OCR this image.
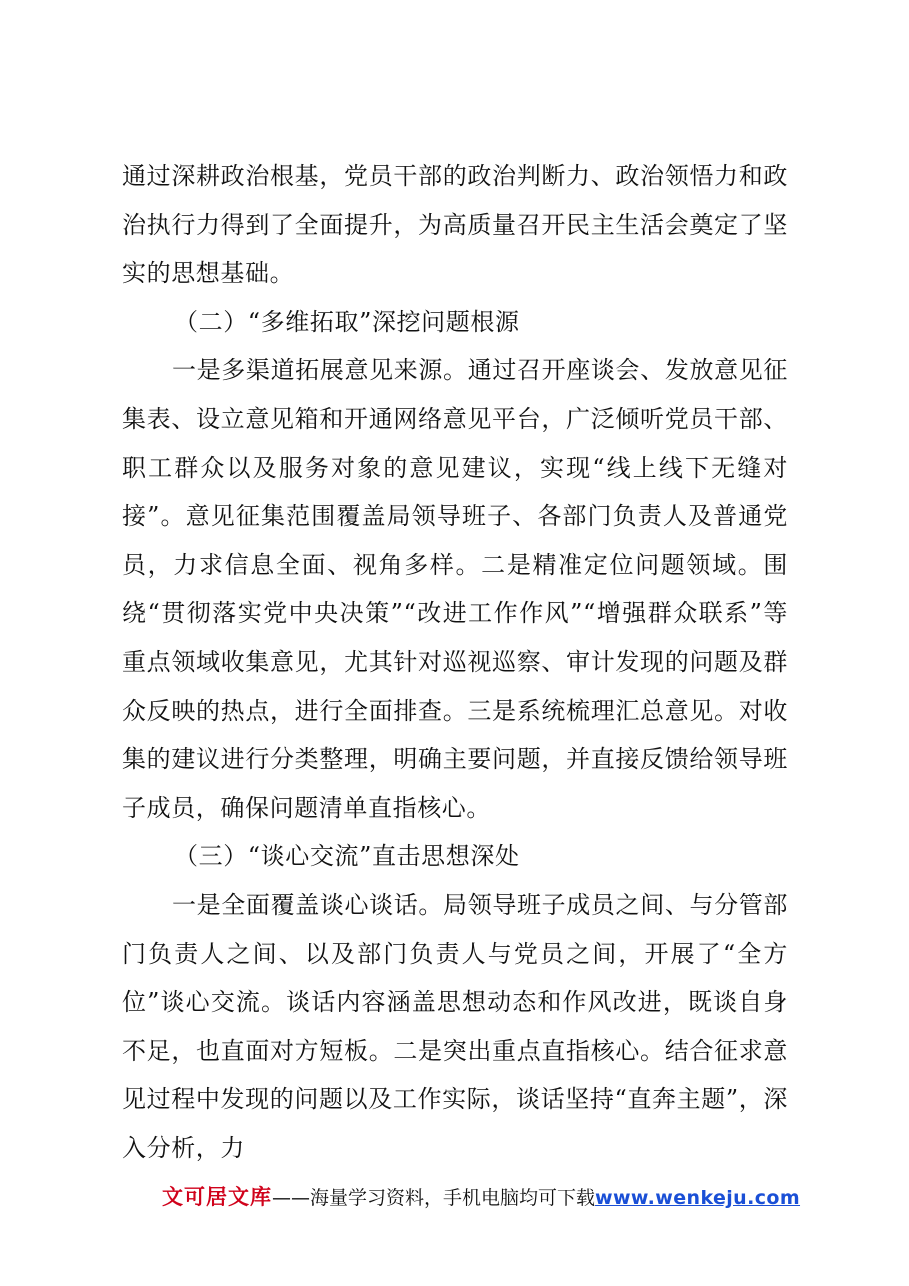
通过深耕政治根基，党员干部的政治判断力、政治领悟力和政治执行力得到了全面提升，为高质量召开民主生活会奠定了坚实的思想基础。

（二）“多维拓取”深挖问题根源

一是多渠道拓展意见来源。通过召开座谈会、发放意见征集表、设立意见箱和开通网络意见平台，广泛倾听党员干部、职工群众以及服务对象的意见建议，实现“线上线下无缝对接”。意见征集范围覆盖局领导班子、各部门负责人及普通党员，力求信息全面、视角多样。二是精准定位问题领域。围绕“贯彻落实党中央决策”“改进工作作风”“增强群众联系”等重点领域收集意见，尤其针对巡视巡察、审计发现的问题及群众反映的热点，进行全面排查。三是系统梳理汇总意见。对收集的建议进行分类整理，明确主要问题，并直接反馈给领导班子成员，确保问题清单直指核心。

（三）“谈心交流”直击思想深处

一是全面覆盖谈心谈话。局领导班子成员之间、与分管部门负责人之间、以及部门负责人与党员之间，开展了“全方位”谈心交流。谈话内容涵盖思想动态和作风改进，既谈自身不足，也直面对方短板。二是突出重点直指核心。结合征求意见过程中发现的问题以及工作实际，谈话坚持“直奔主题”，深入分析，力

文可居文库——海量学习资料，手机电脑均可下载www.wenkeju.com
